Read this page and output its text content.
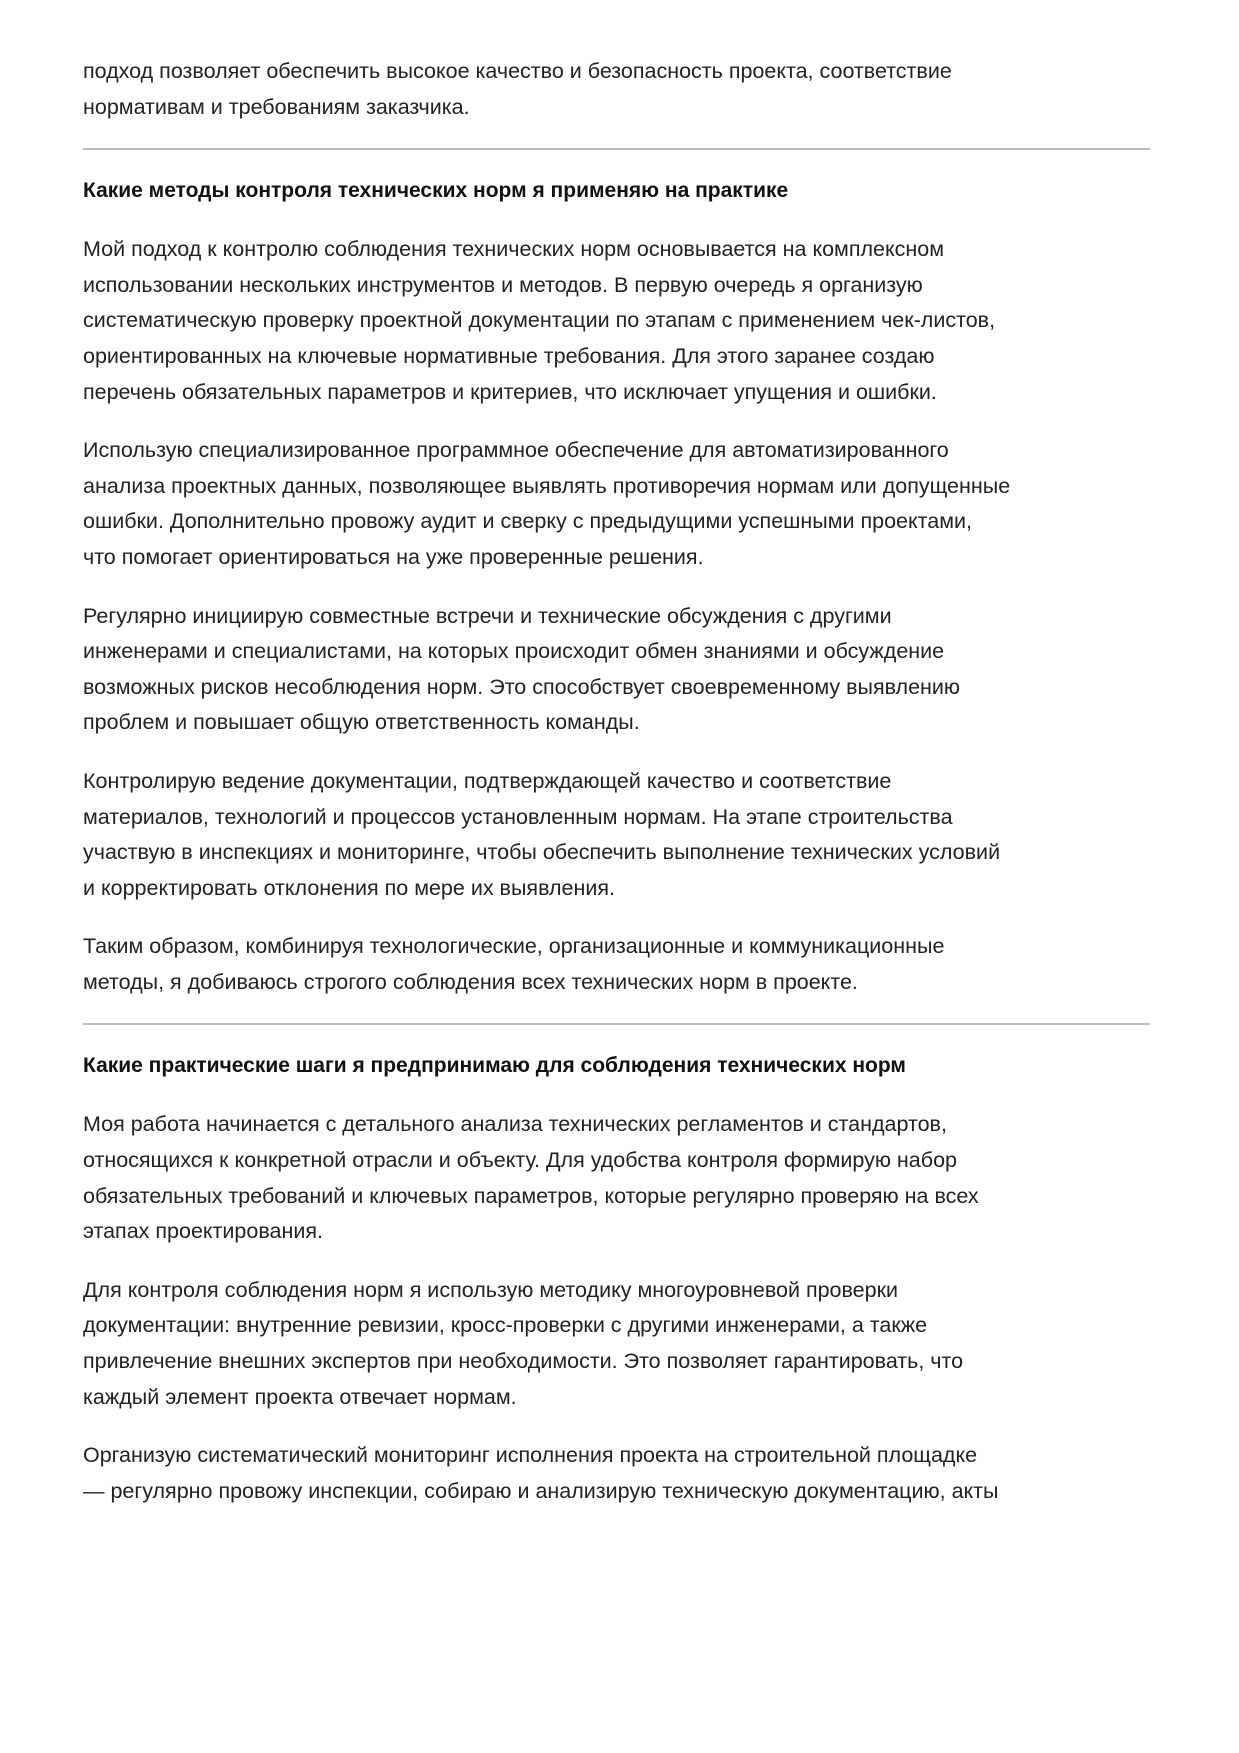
подход позволяет обеспечить высокое качество и безопасность проекта, соответствие
нормативам и требованиям заказчика.
Какие методы контроля технических норм я применяю на практике
Мой подход к контролю соблюдения технических норм основывается на комплексном
использовании нескольких инструментов и методов. В первую очередь я организую
систематическую проверку проектной документации по этапам с применением чек-листов,
ориентированных на ключевые нормативные требования. Для этого заранее создаю
перечень обязательных параметров и критериев, что исключает упущения и ошибки.
Использую специализированное программное обеспечение для автоматизированного
анализа проектных данных, позволяющее выявлять противоречия нормам или допущенные
ошибки. Дополнительно провожу аудит и сверку с предыдущими успешными проектами,
что помогает ориентироваться на уже проверенные решения.
Регулярно инициирую совместные встречи и технические обсуждения с другими
инженерами и специалистами, на которых происходит обмен знаниями и обсуждение
возможных рисков несоблюдения норм. Это способствует своевременному выявлению
проблем и повышает общую ответственность команды.
Контролирую ведение документации, подтверждающей качество и соответствие
материалов, технологий и процессов установленным нормам. На этапе строительства
участвую в инспекциях и мониторинге, чтобы обеспечить выполнение технических условий
и корректировать отклонения по мере их выявления.
Таким образом, комбинируя технологические, организационные и коммуникационные
методы, я добиваюсь строгого соблюдения всех технических норм в проекте.
Какие практические шаги я предпринимаю для соблюдения технических норм
Моя работа начинается с детального анализа технических регламентов и стандартов,
относящихся к конкретной отрасли и объекту. Для удобства контроля формирую набор
обязательных требований и ключевых параметров, которые регулярно проверяю на всех
этапах проектирования.
Для контроля соблюдения норм я использую методику многоуровневой проверки
документации: внутренние ревизии, кросс-проверки с другими инженерами, а также
привлечение внешних экспертов при необходимости. Это позволяет гарантировать, что
каждый элемент проекта отвечает нормам.
Организую систематический мониторинг исполнения проекта на строительной площадке
— регулярно провожу инспекции, собираю и анализирую техническую документацию, акты
